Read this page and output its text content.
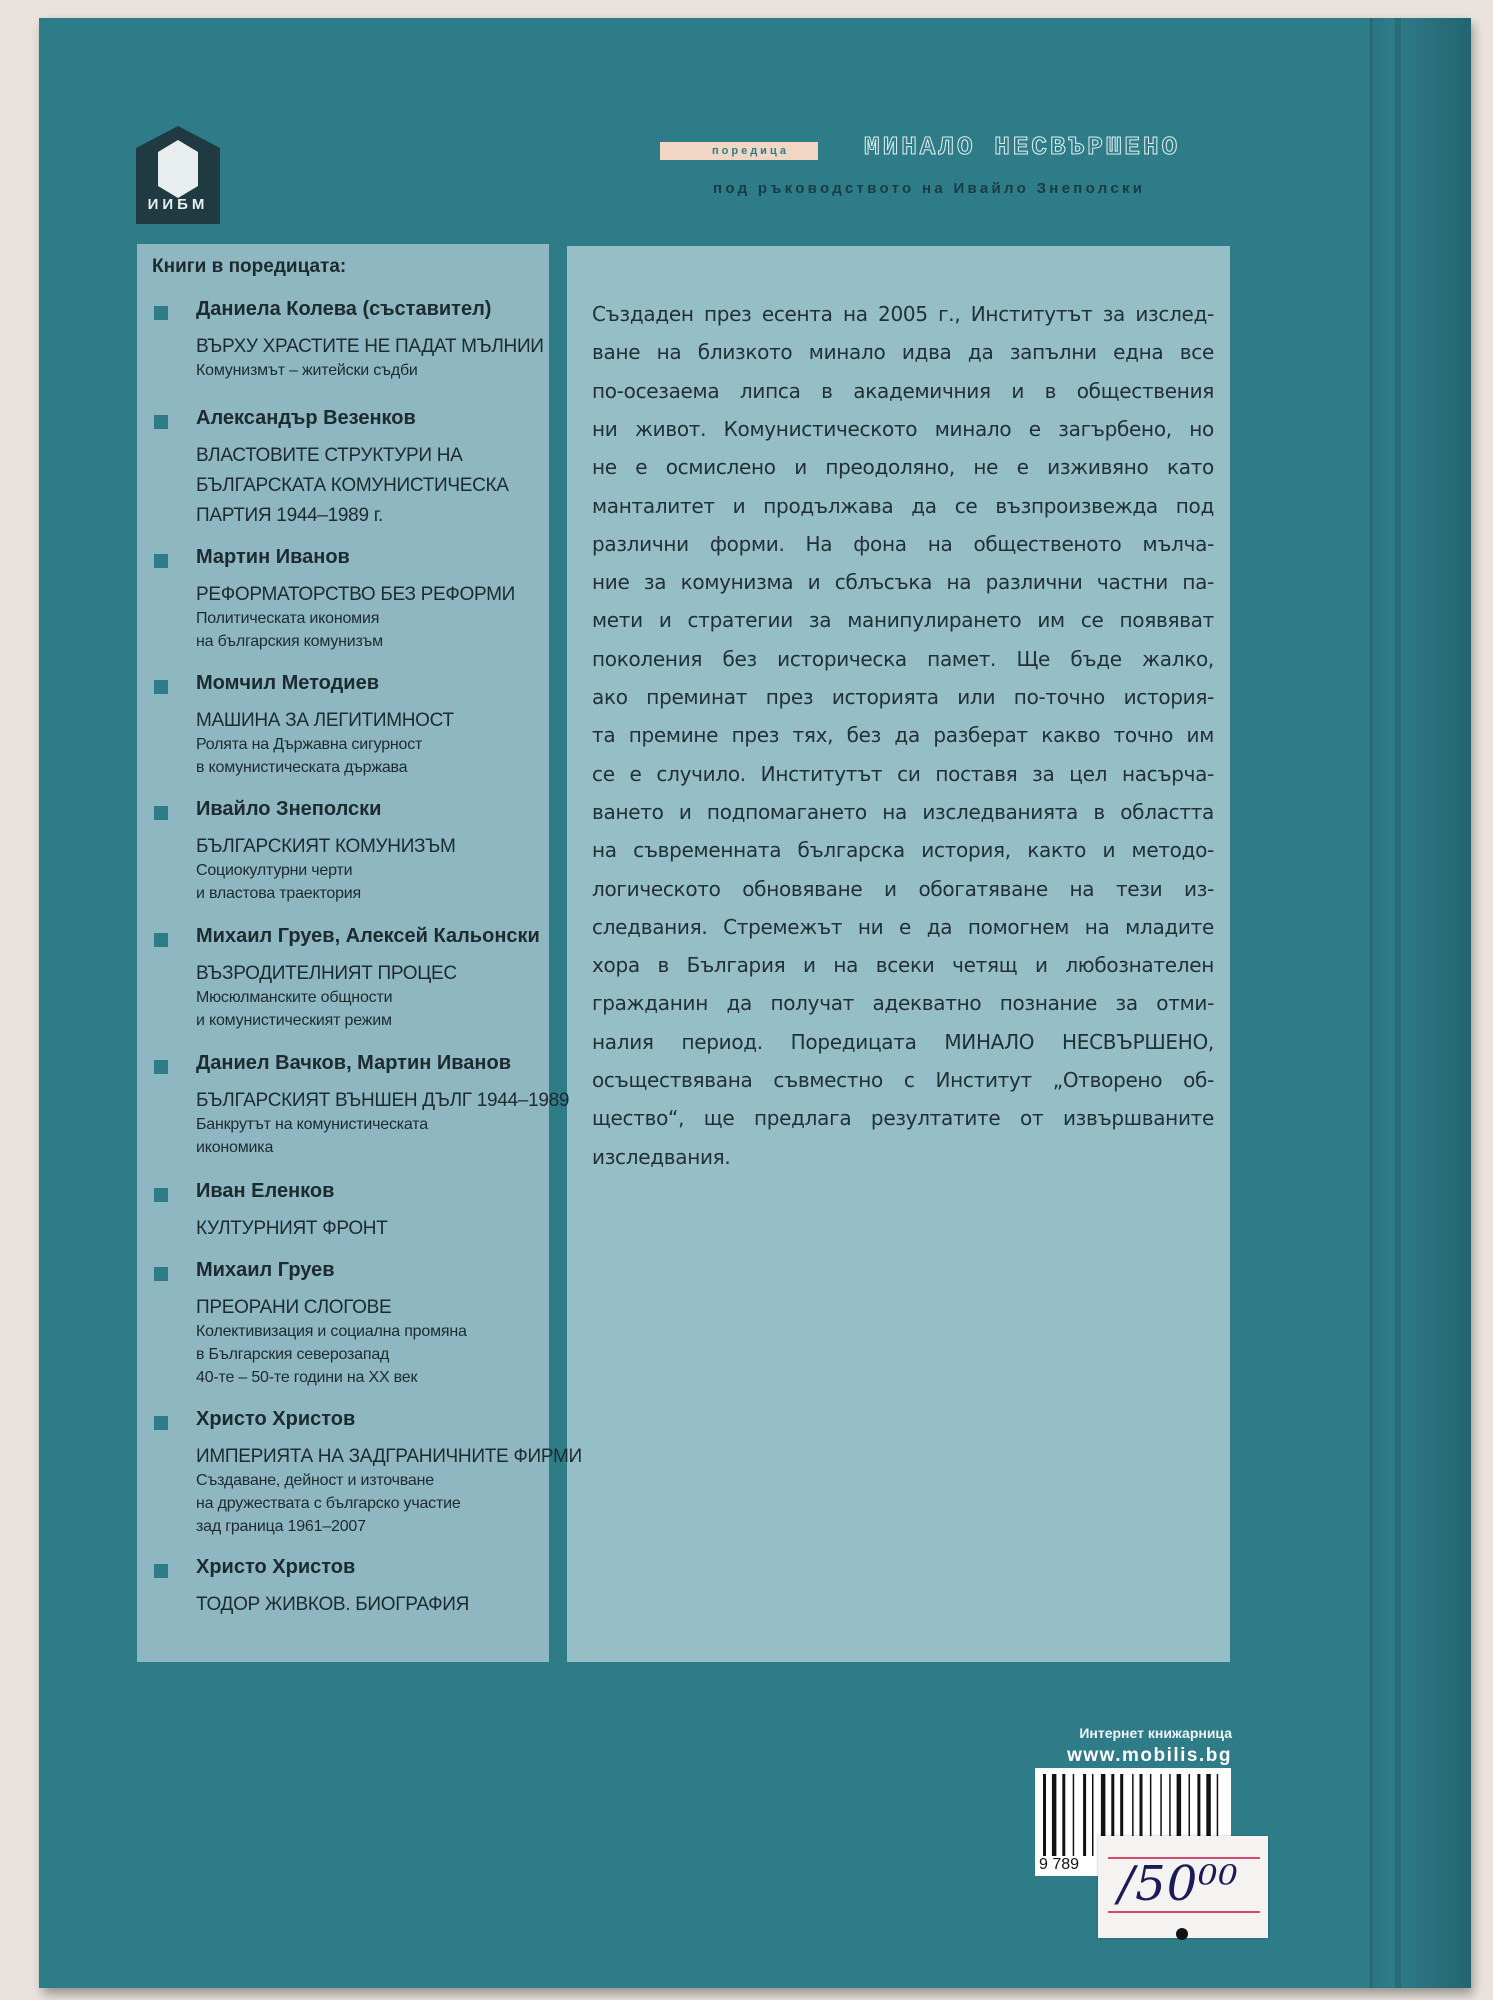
ИИБМ
поредица	МИНАЛО НЕСВЪРШЕНО
под ръководството на Ивайло Знеполски
Книги в поредицата:
Даниела Колева (съставител)
ВЪРХУ ХРАСТИТЕ НЕ ПАДАТ МЪЛНИИ
Комунизмът – житейски съдби
Александър Везенков
ВЛАСТОВИТЕ СТРУКТУРИ НА
БЪЛГАРСКАТА КОМУНИСТИЧЕСКА
ПАРТИЯ 1944–1989 г.
Мартин Иванов
РЕФОРМАТОРСТВО БЕЗ РЕФОРМИ
Политическата икономия
на българския комунизъм
Момчил Методиев
МАШИНА ЗА ЛЕГИТИМНОСТ
Ролята на Държавна сигурност
в комунистическата държава
Ивайло Знеполски
БЪЛГАРСКИЯТ КОМУНИЗЪМ
Социокултурни черти
и властова траектория
Михаил Груев, Алексей Кальонски
ВЪЗРОДИТЕЛНИЯТ ПРОЦЕС
Мюсюлманските общности
и комунистическият режим
Даниел Вачков, Мартин Иванов
БЪЛГАРСКИЯТ ВЪНШЕН ДЪЛГ 1944–1989
Банкрутът на комунистическата
икономика
Иван Еленков
КУЛТУРНИЯТ ФРОНТ
Михаил Груев
ПРЕОРАНИ СЛОГОВЕ
Колективизация и социална промяна
в Българския северозапад
40-те – 50-те години на XX век
Христо Христов
ИМПЕРИЯТА НА ЗАДГРАНИЧНИТЕ ФИРМИ
Създаване, дейност и източване
на дружествата с българско участие
зад граница 1961–2007
Христо Христов
ТОДОР ЖИВКОВ. БИОГРАФИЯ
Създаден през есента на 2005 г., Институтът за изслед-
ване на близкото минало идва да запълни една все
по-осезаема липса в академичния и в обществения
ни живот. Комунистическото минало е загърбено, но
не е осмислено и преодоляно, не е изживяно като
манталитет и продължава да се възпроизвежда под
различни форми. На фона на общественото мълча-
ние за комунизма и сблъсъка на различни частни па-
мети и стратегии за манипулирането им се появяват
поколения без историческа памет. Ще бъде жалко,
ако преминат през историята или по-точно история-
та премине през тях, без да разберат какво точно им
се е случило. Институтът си поставя за цел насърча-
ването и подпомагането на изследванията в областта
на съвременната българска история, както и методо-
логическото обновяване и обогатяване на тези из-
следвания. Стремежът ни е да помогнем на младите
хора в България и на всеки четящ и любознателен
гражданин да получат адекватно познание за отми-
налия период. Поредицата МИНАЛО НЕСВЪРШЕНО,
осъществявана съвместно с Институт „Отворено об-
щество“, ще предлага резултатите от извършваните
изследвания.
Интернет книжарница
www.mobilis.bg
9 789 /50⁰⁰
